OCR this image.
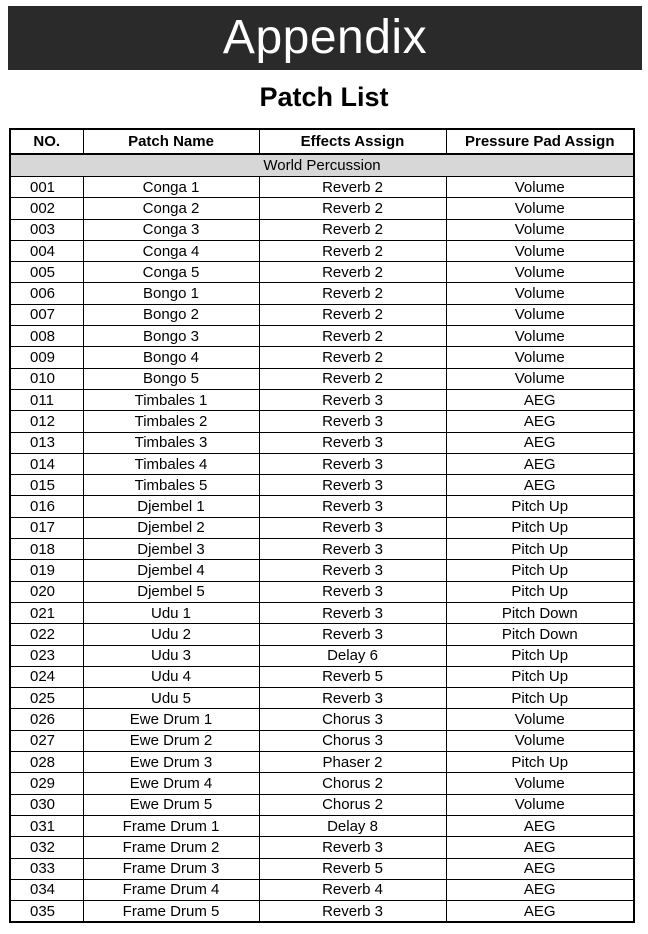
Appendix
Patch List
NO.	Patch Name	Effects Assign	Pressure Pad Assign
World Percussion			
001	Conga 1	Reverb 2	Volume
002	Conga 2	Reverb 2	Volume
003	Conga 3	Reverb 2	Volume
004	Conga 4	Reverb 2	Volume
005	Conga 5	Reverb 2	Volume
006	Bongo 1	Reverb 2	Volume
007	Bongo 2	Reverb 2	Volume
008	Bongo 3	Reverb 2	Volume
009	Bongo 4	Reverb 2	Volume
010	Bongo 5	Reverb 2	Volume
011	Timbales 1	Reverb 3	AEG
012	Timbales 2	Reverb 3	AEG
013	Timbales 3	Reverb 3	AEG
014	Timbales 4	Reverb 3	AEG
015	Timbales 5	Reverb 3	AEG
016	Djembel 1	Reverb 3	Pitch Up
017	Djembel 2	Reverb 3	Pitch Up
018	Djembel 3	Reverb 3	Pitch Up
019	Djembel 4	Reverb 3	Pitch Up
020	Djembel 5	Reverb 3	Pitch Up
021	Udu 1	Reverb 3	Pitch Down
022	Udu 2	Reverb 3	Pitch Down
023	Udu 3	Delay 6	Pitch Up
024	Udu 4	Reverb 5	Pitch Up
025	Udu 5	Reverb 3	Pitch Up
026	Ewe Drum 1	Chorus 3	Volume
027	Ewe Drum 2	Chorus 3	Volume
028	Ewe Drum 3	Phaser 2	Pitch Up
029	Ewe Drum 4	Chorus 2	Volume
030	Ewe Drum 5	Chorus 2	Volume
031	Frame Drum 1	Delay 8	AEG
032	Frame Drum 2	Reverb 3	AEG
033	Frame Drum 3	Reverb 5	AEG
034	Frame Drum 4	Reverb 4	AEG
035	Frame Drum 5	Reverb 3	AEG
